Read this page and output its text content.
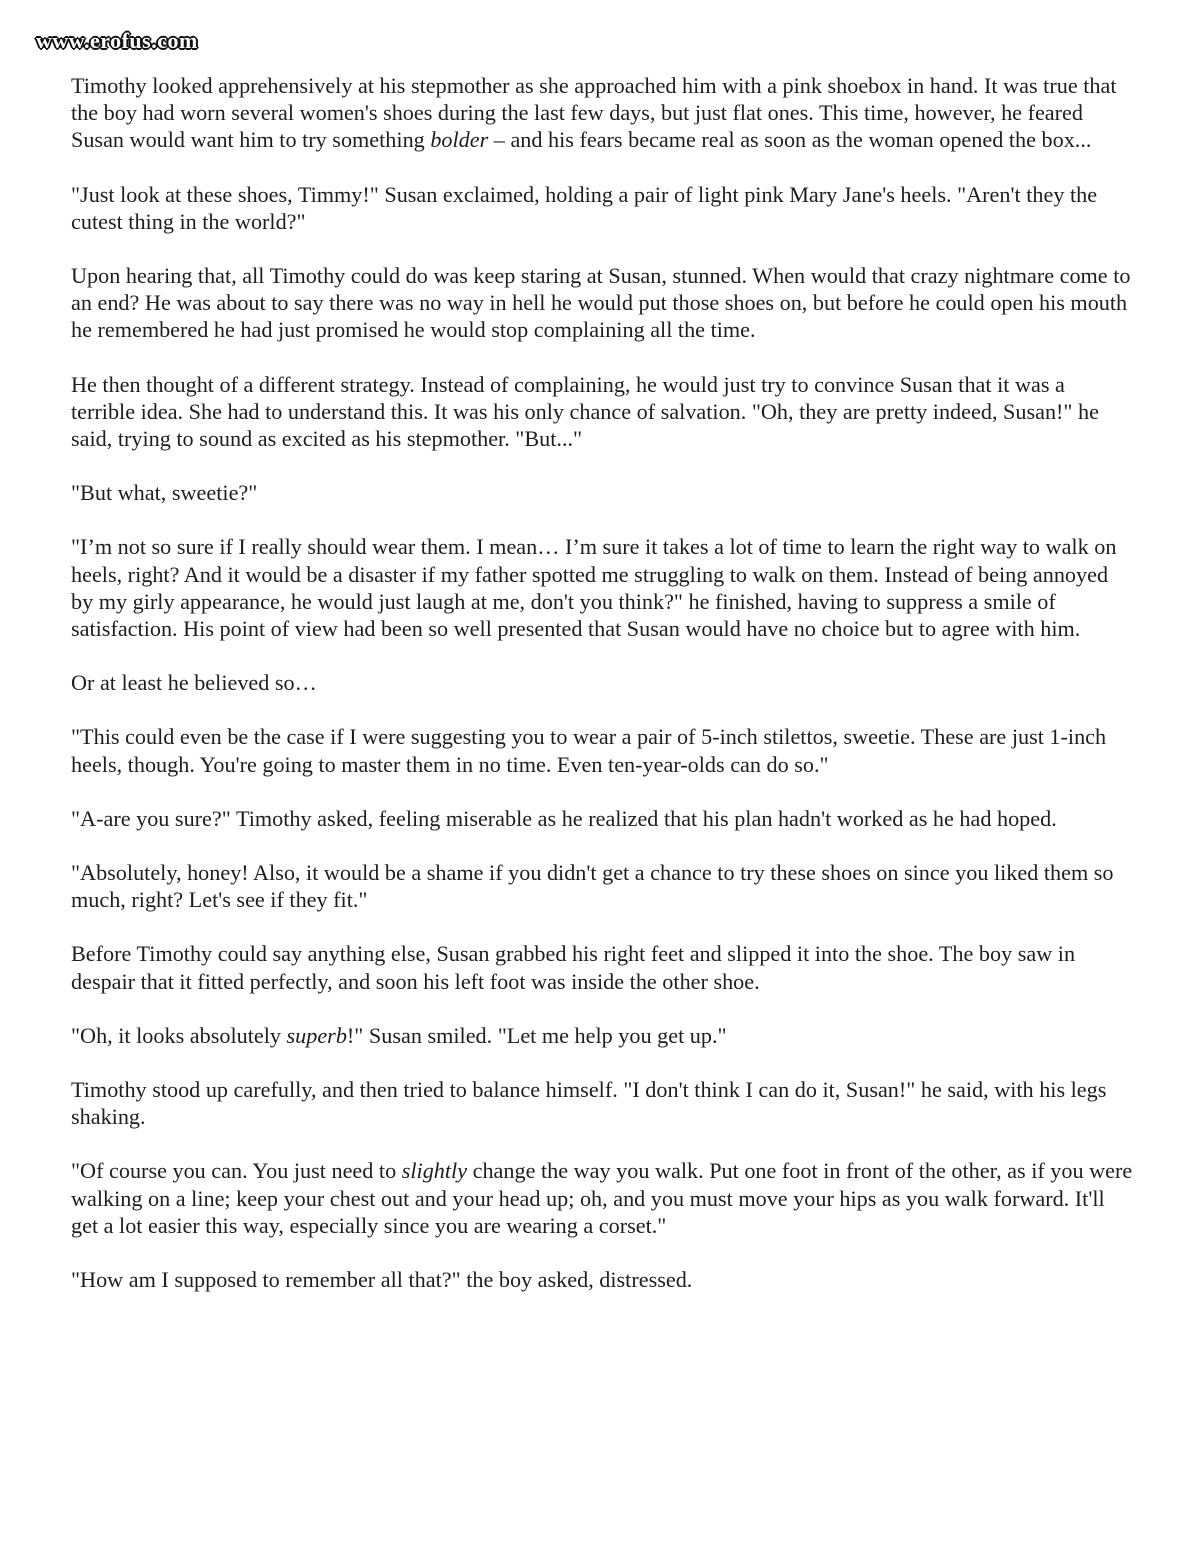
www.erofus.com

Timothy looked apprehensively at his stepmother as she approached him with a pink shoebox in hand. It was true that the boy had worn several women's shoes during the last few days, but just flat ones. This time, however, he feared Susan would want him to try something bolder – and his fears became real as soon as the woman opened the box...

"Just look at these shoes, Timmy!" Susan exclaimed, holding a pair of light pink Mary Jane's heels. "Aren't they the cutest thing in the world?"

Upon hearing that, all Timothy could do was keep staring at Susan, stunned. When would that crazy nightmare come to an end? He was about to say there was no way in hell he would put those shoes on, but before he could open his mouth he remembered he had just promised he would stop complaining all the time.

He then thought of a different strategy. Instead of complaining, he would just try to convince Susan that it was a terrible idea. She had to understand this. It was his only chance of salvation. "Oh, they are pretty indeed, Susan!" he said, trying to sound as excited as his stepmother. "But..."

"But what, sweetie?"

"I’m not so sure if I really should wear them. I mean… I’m sure it takes a lot of time to learn the right way to walk on heels, right? And it would be a disaster if my father spotted me struggling to walk on them. Instead of being annoyed by my girly appearance, he would just laugh at me, don't you think?" he finished, having to suppress a smile of satisfaction. His point of view had been so well presented that Susan would have no choice but to agree with him.

Or at least he believed so…

"This could even be the case if I were suggesting you to wear a pair of 5-inch stilettos, sweetie. These are just 1-inch heels, though. You're going to master them in no time. Even ten-year-olds can do so."

"A-are you sure?" Timothy asked, feeling miserable as he realized that his plan hadn't worked as he had hoped.

"Absolutely, honey! Also, it would be a shame if you didn't get a chance to try these shoes on since you liked them so much, right? Let's see if they fit."

Before Timothy could say anything else, Susan grabbed his right feet and slipped it into the shoe. The boy saw in despair that it fitted perfectly, and soon his left foot was inside the other shoe.

"Oh, it looks absolutely superb!" Susan smiled. "Let me help you get up."

Timothy stood up carefully, and then tried to balance himself. "I don't think I can do it, Susan!" he said, with his legs shaking.

"Of course you can. You just need to slightly change the way you walk. Put one foot in front of the other, as if you were walking on a line; keep your chest out and your head up; oh, and you must move your hips as you walk forward. It'll get a lot easier this way, especially since you are wearing a corset."

"How am I supposed to remember all that?" the boy asked, distressed.
